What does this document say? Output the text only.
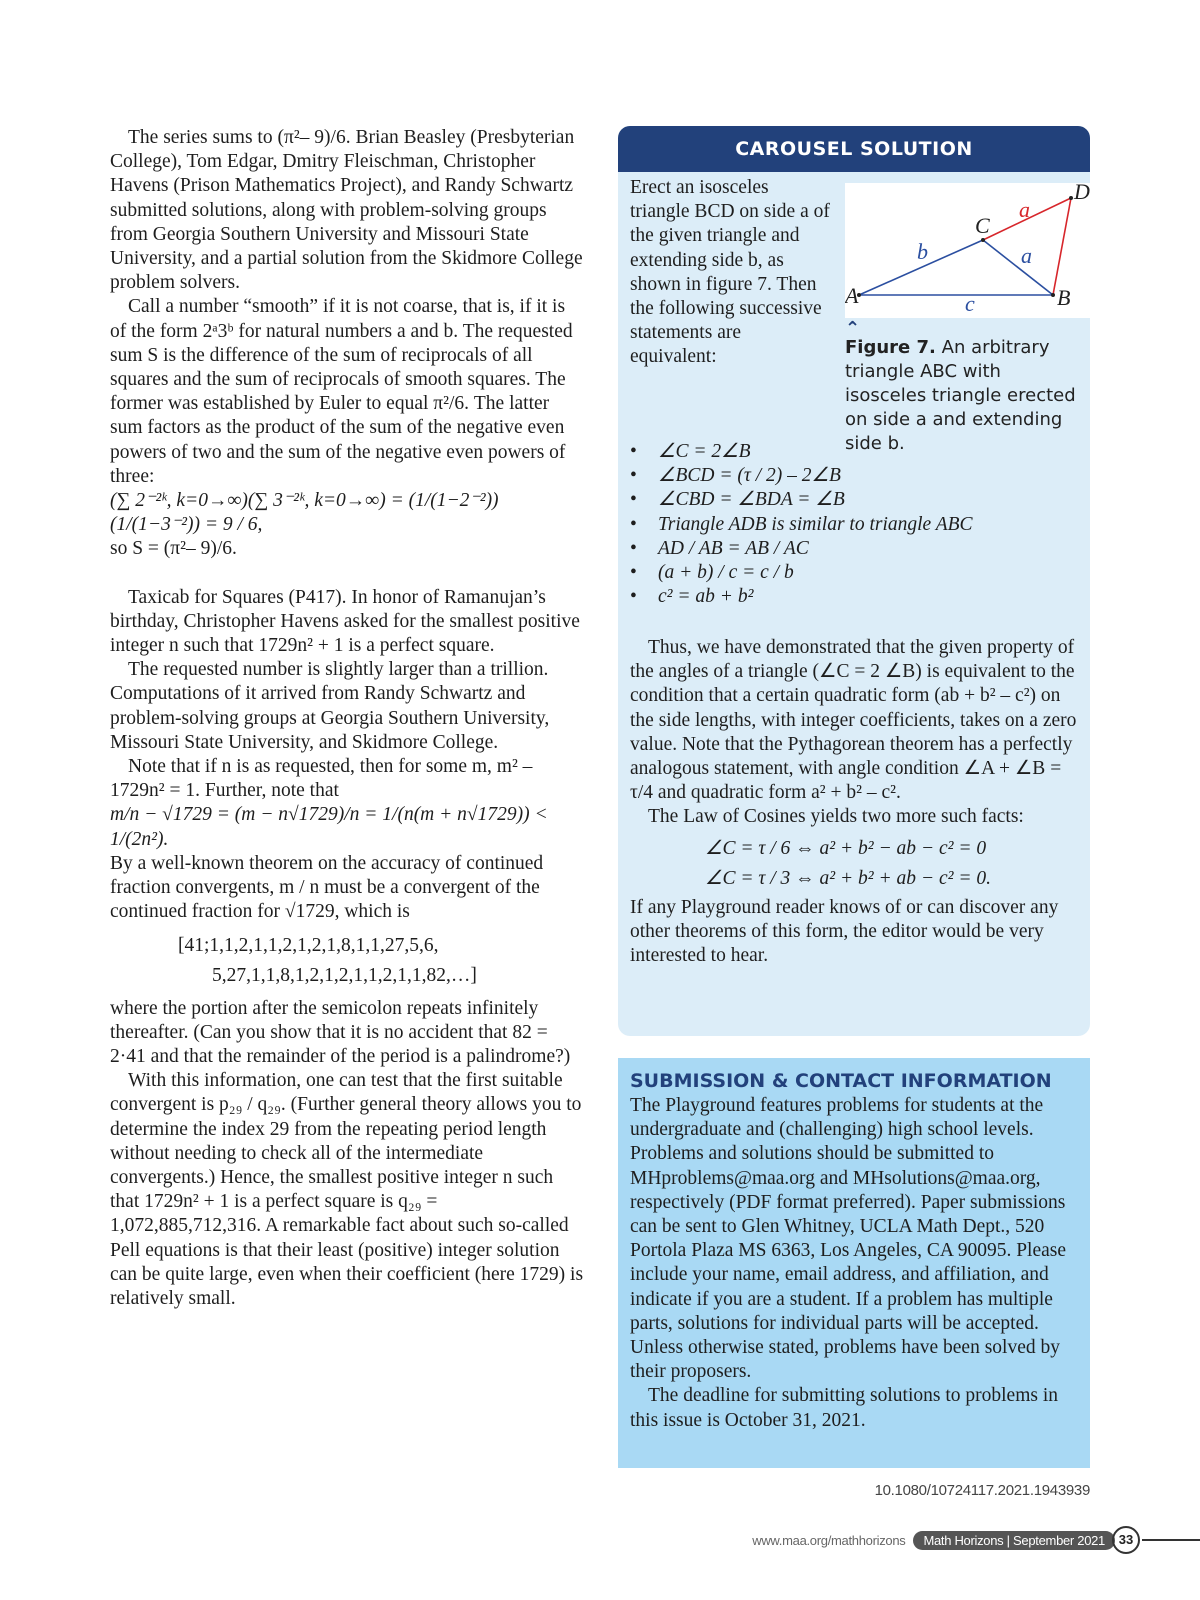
The series sums to (π²– 9)/6. Brian Beasley (Presbyterian College), Tom Edgar, Dmitry Fleischman, Christopher Havens (Prison Mathematics Project), and Randy Schwartz submitted solutions, along with problem-solving groups from Georgia Southern University and Missouri State University, and a partial solution from the Skidmore College problem solvers.

Call a number “smooth” if it is not coarse, that is, if it is of the form 2ᵃ3ᵇ for natural numbers a and b. The requested sum S is the difference of the sum of reciprocals of all squares and the sum of reciprocals of smooth squares. The former was established by Euler to equal π²/6. The latter sum factors as the product of the sum of the negative even powers of two and the sum of the negative even powers of three:

(∑ 2⁻²ᵏ, k=0→∞)(∑ 3⁻²ᵏ, k=0→∞) = (1/(1−2⁻²))(1/(1−3⁻²)) = 9 / 6,

so S = (π²– 9)/6.

Taxicab for Squares (P417). In honor of Ramanujan’s birthday, Christopher Havens asked for the smallest positive integer n such that 1729n² + 1 is a perfect square.

The requested number is slightly larger than a trillion. Computations of it arrived from Randy Schwartz and problem-solving groups at Georgia Southern University, Missouri State University, and Skidmore College.

Note that if n is as requested, then for some m, m² – 1729n² = 1. Further, note that

m/n − √1729 = (m − n√1729)/n = 1/(n(m + n√1729)) < 1/(2n²).

By a well-known theorem on the accuracy of continued fraction convergents, m / n must be a convergent of the continued fraction for √1729, which is

[41;1,1,2,1,1,2,1,2,1,8,1,1,27,5,6,
5,27,1,1,8,1,2,1,2,1,1,2,1,1,82,…]

where the portion after the semicolon repeats infinitely thereafter. (Can you show that it is no accident that 82 = 2·41 and that the remainder of the period is a palindrome?)

With this information, one can test that the first suitable convergent is p₂₉ / q₂₉. (Further general theory allows you to determine the index 29 from the repeating period length without needing to check all of the intermediate convergents.) Hence, the smallest positive integer n such that 1729n² + 1 is a perfect square is q₂₉ = 1,072,885,712,316. A remarkable fact about such so-called Pell equations is that their least (positive) integer solution can be quite large, even when their coefficient (here 1729) is relatively small.

CAROUSEL SOLUTION

Erect an isosceles triangle BCD on side a of the given triangle and extending side b, as shown in figure 7. Then the following successive statements are equivalent:

A	B
C
D
a
a
b
c
⌃
Figure 7. An arbitrary triangle ABC with isosceles triangle erected on side a and extending side b.
• ∠C = 2∠B
• ∠BCD = (τ / 2) – 2∠B
• ∠CBD = ∠BDA = ∠B
• Triangle ADB is similar to triangle ABC
• AD / AB = AB / AC
• (a + b) / c = c / b
• c² = ab + b²

Thus, we have demonstrated that the given property of the angles of a triangle (∠C = 2 ∠B) is equivalent to the condition that a certain quadratic form (ab + b² – c²) on the side lengths, with integer coefficients, takes on a zero value. Note that the Pythagorean theorem has a perfectly analogous statement, with angle condition ∠A + ∠B = τ/4 and quadratic form a² + b² – c².

The Law of Cosines yields two more such facts:

∠C = τ / 6 ⇔ a² + b² − ab − c² = 0
∠C = τ / 3 ⇔ a² + b² + ab − c² = 0.

If any Playground reader knows of or can discover any other theorems of this form, the editor would be very interested to hear.

SUBMISSION & CONTACT INFORMATION

The Playground features problems for students at the undergraduate and (challenging) high school levels. Problems and solutions should be submitted to MHproblems@maa.org and MHsolutions@maa.org, respectively (PDF format preferred). Paper submissions can be sent to Glen Whitney, UCLA Math Dept., 520 Portola Plaza MS 6363, Los Angeles, CA 90095. Please include your name, email address, and affiliation, and indicate if you are a student. If a problem has multiple parts, solutions for individual parts will be accepted. Unless otherwise stated, problems have been solved by their proposers.

The deadline for submitting solutions to problems in this issue is October 31, 2021.

10.1080/10724117.2021.1943939
www.maa.org/mathhorizons	Math Horizons | September 2021	33
